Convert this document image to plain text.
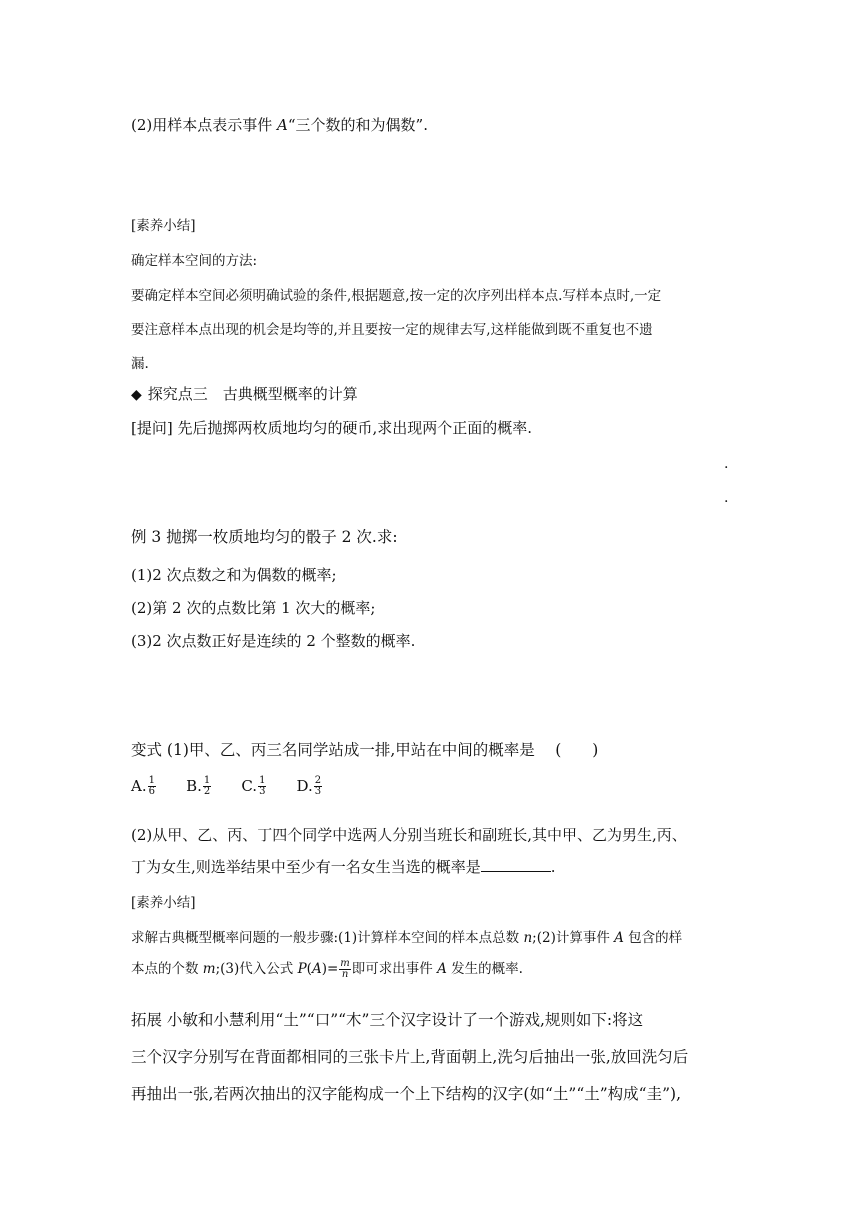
(2)用样本点表示事件 A“三个数的和为偶数”.
[素养小结]
确定样本空间的方法:
要确定样本空间必须明确试验的条件,根据题意,按一定的次序列出样本点.写样本点时,一定
要注意样本点出现的机会是均等的,并且要按一定的规律去写,这样能做到既不重复也不遗
漏.
◆ 探究点三　古典概型概率的计算
[提问] 先后抛掷两枚质地均匀的硬币,求出现两个正面的概率.
.
.
例 3 抛掷一枚质地均匀的骰子 2 次.求:
(1)2 次点数之和为偶数的概率;
(2)第 2 次的点数比第 1 次大的概率;
(3)2 次点数正好是连续的 2 个整数的概率.
变式 (1)甲、乙、丙三名同学站成一排,甲站在中间的概率是　 (　　)
A. $\frac{1}{6} B$. $\frac{1}{2} C$. $\frac{1}{3} D$. $\frac{2}{3}$
(2)从甲、乙、丙、丁四个同学中选两人分别当班长和副班长,其中甲、乙为男生,丙、
丁为女生,则选举结果中至少有一名女生当选的概率是	.
[素养小结]
求解古典概型概率问题的一般步骤:(1)计算样本空间的样本点总数 n;(2)计算事件 A 包含的样
本点的个数 m;(3)代入公式 $P(A)= \frac{m}{n}$ 即可求出事件 A 发生的概率.
拓展 小敏和小慧利用“土”“口”“木”三个汉字设计了一个游戏,规则如下:将这
三个汉字分别写在背面都相同的三张卡片上,背面朝上,洗匀后抽出一张,放回洗匀后
再抽出一张,若两次抽出的汉字能构成一个上下结构的汉字(如“土”“土”构成“圭”),
